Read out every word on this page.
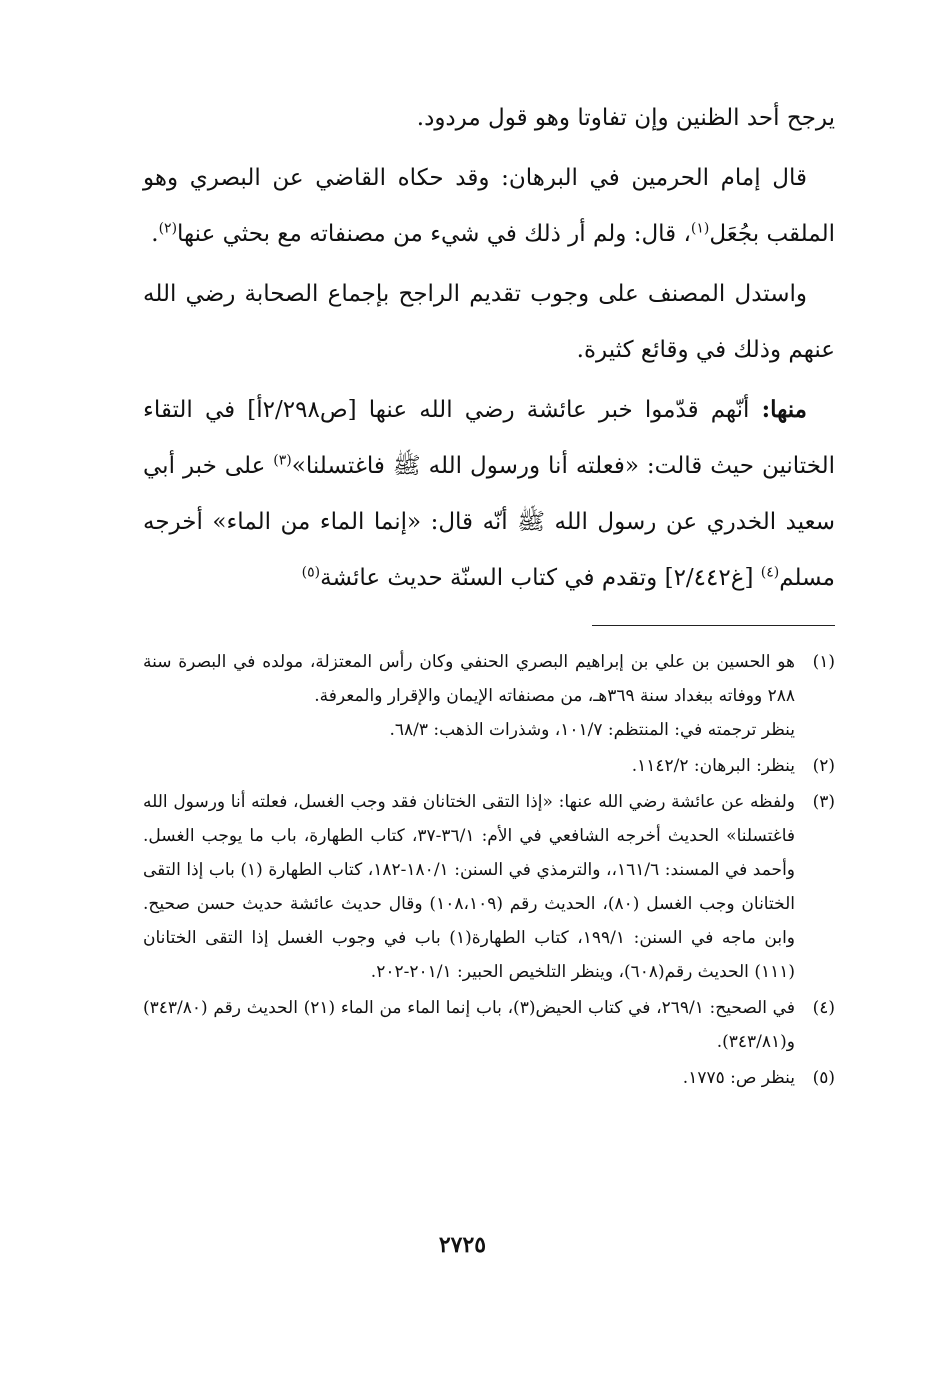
يرجح أحد الظنين وإن تفاوتا وهو قول مردود.

قال إمام الحرمين في البرهان: وقد حكاه القاضي عن البصري وهو الملقب بجُعَل$^{(١)}$، قال: ولم أر ذلك في شيء من مصنفاته مع بحثي عنها$^{(٢)}$.

واستدل المصنف على وجوب تقديم الراجح بإجماع الصحابة رضي الله عنهم وذلك في وقائع كثيرة.

منها: أنّهم قدّموا خبر عائشة رضي الله عنها [ص٢/٢٩٨أ] في التقاء الختانين حيث قالت: «فعلته أنا ورسول الله ﷺ فاغتسلنا»$^{(٣)}$ على خبر أبي سعيد الخدري عن رسول الله ﷺ أنّه قال: «إنما الماء من الماء» أخرجه مسلم$^{(٤)}$ [غ٢/٤٤٢] وتقدم في كتاب السنّة حديث عائشة$^{(٥)}$

(١)
هو الحسين بن علي بن إبراهيم البصري الحنفي وكان رأس المعتزلة، مولده في البصرة سنة ٢٨٨ ووفاته ببغداد سنة ٣٦٩هـ، من مصنفاته الإيمان والإقرار والمعرفة.
ينظر ترجمته في: المنتظم: ١٠١/٧، وشذرات الذهب: ٦٨/٣.
(٢)
ينظر: البرهان: ١١٤٢/٢.
(٣)
ولفظه عن عائشة رضي الله عنها: «إذا التقى الختانان فقد وجب الغسل، فعلته أنا ورسول الله فاغتسلنا» الحديث أخرجه الشافعي في الأم: ٣٦/١-٣٧، كتاب الطهارة، باب ما يوجب الغسل. وأحمد في المسند: ١٦١/٦،، والترمذي في السنن: ١٨٠/١-١٨٢، كتاب الطهارة (١) باب إذا التقى الختانان وجب الغسل (٨٠)، الحديث رقم (١٠٨،١٠٩) وقال حديث عائشة حديث حسن صحيح. وابن ماجه في السنن: ١٩٩/١، كتاب الطهارة(١) باب في وجوب الغسل إذا التقى الختانان (١١١) الحديث رقم(٦٠٨)، وينظر التلخيص الحبير: ٢٠١/١-٢٠٢.
(٤)
في الصحيح: ٢٦٩/١، في كتاب الحيض(٣)، باب إنما الماء من الماء (٢١) الحديث رقم (٣٤٣/٨٠) و(٣٤٣/٨١).
(٥)
ينظر ص: ١٧٧٥.
٢٧٢٥
